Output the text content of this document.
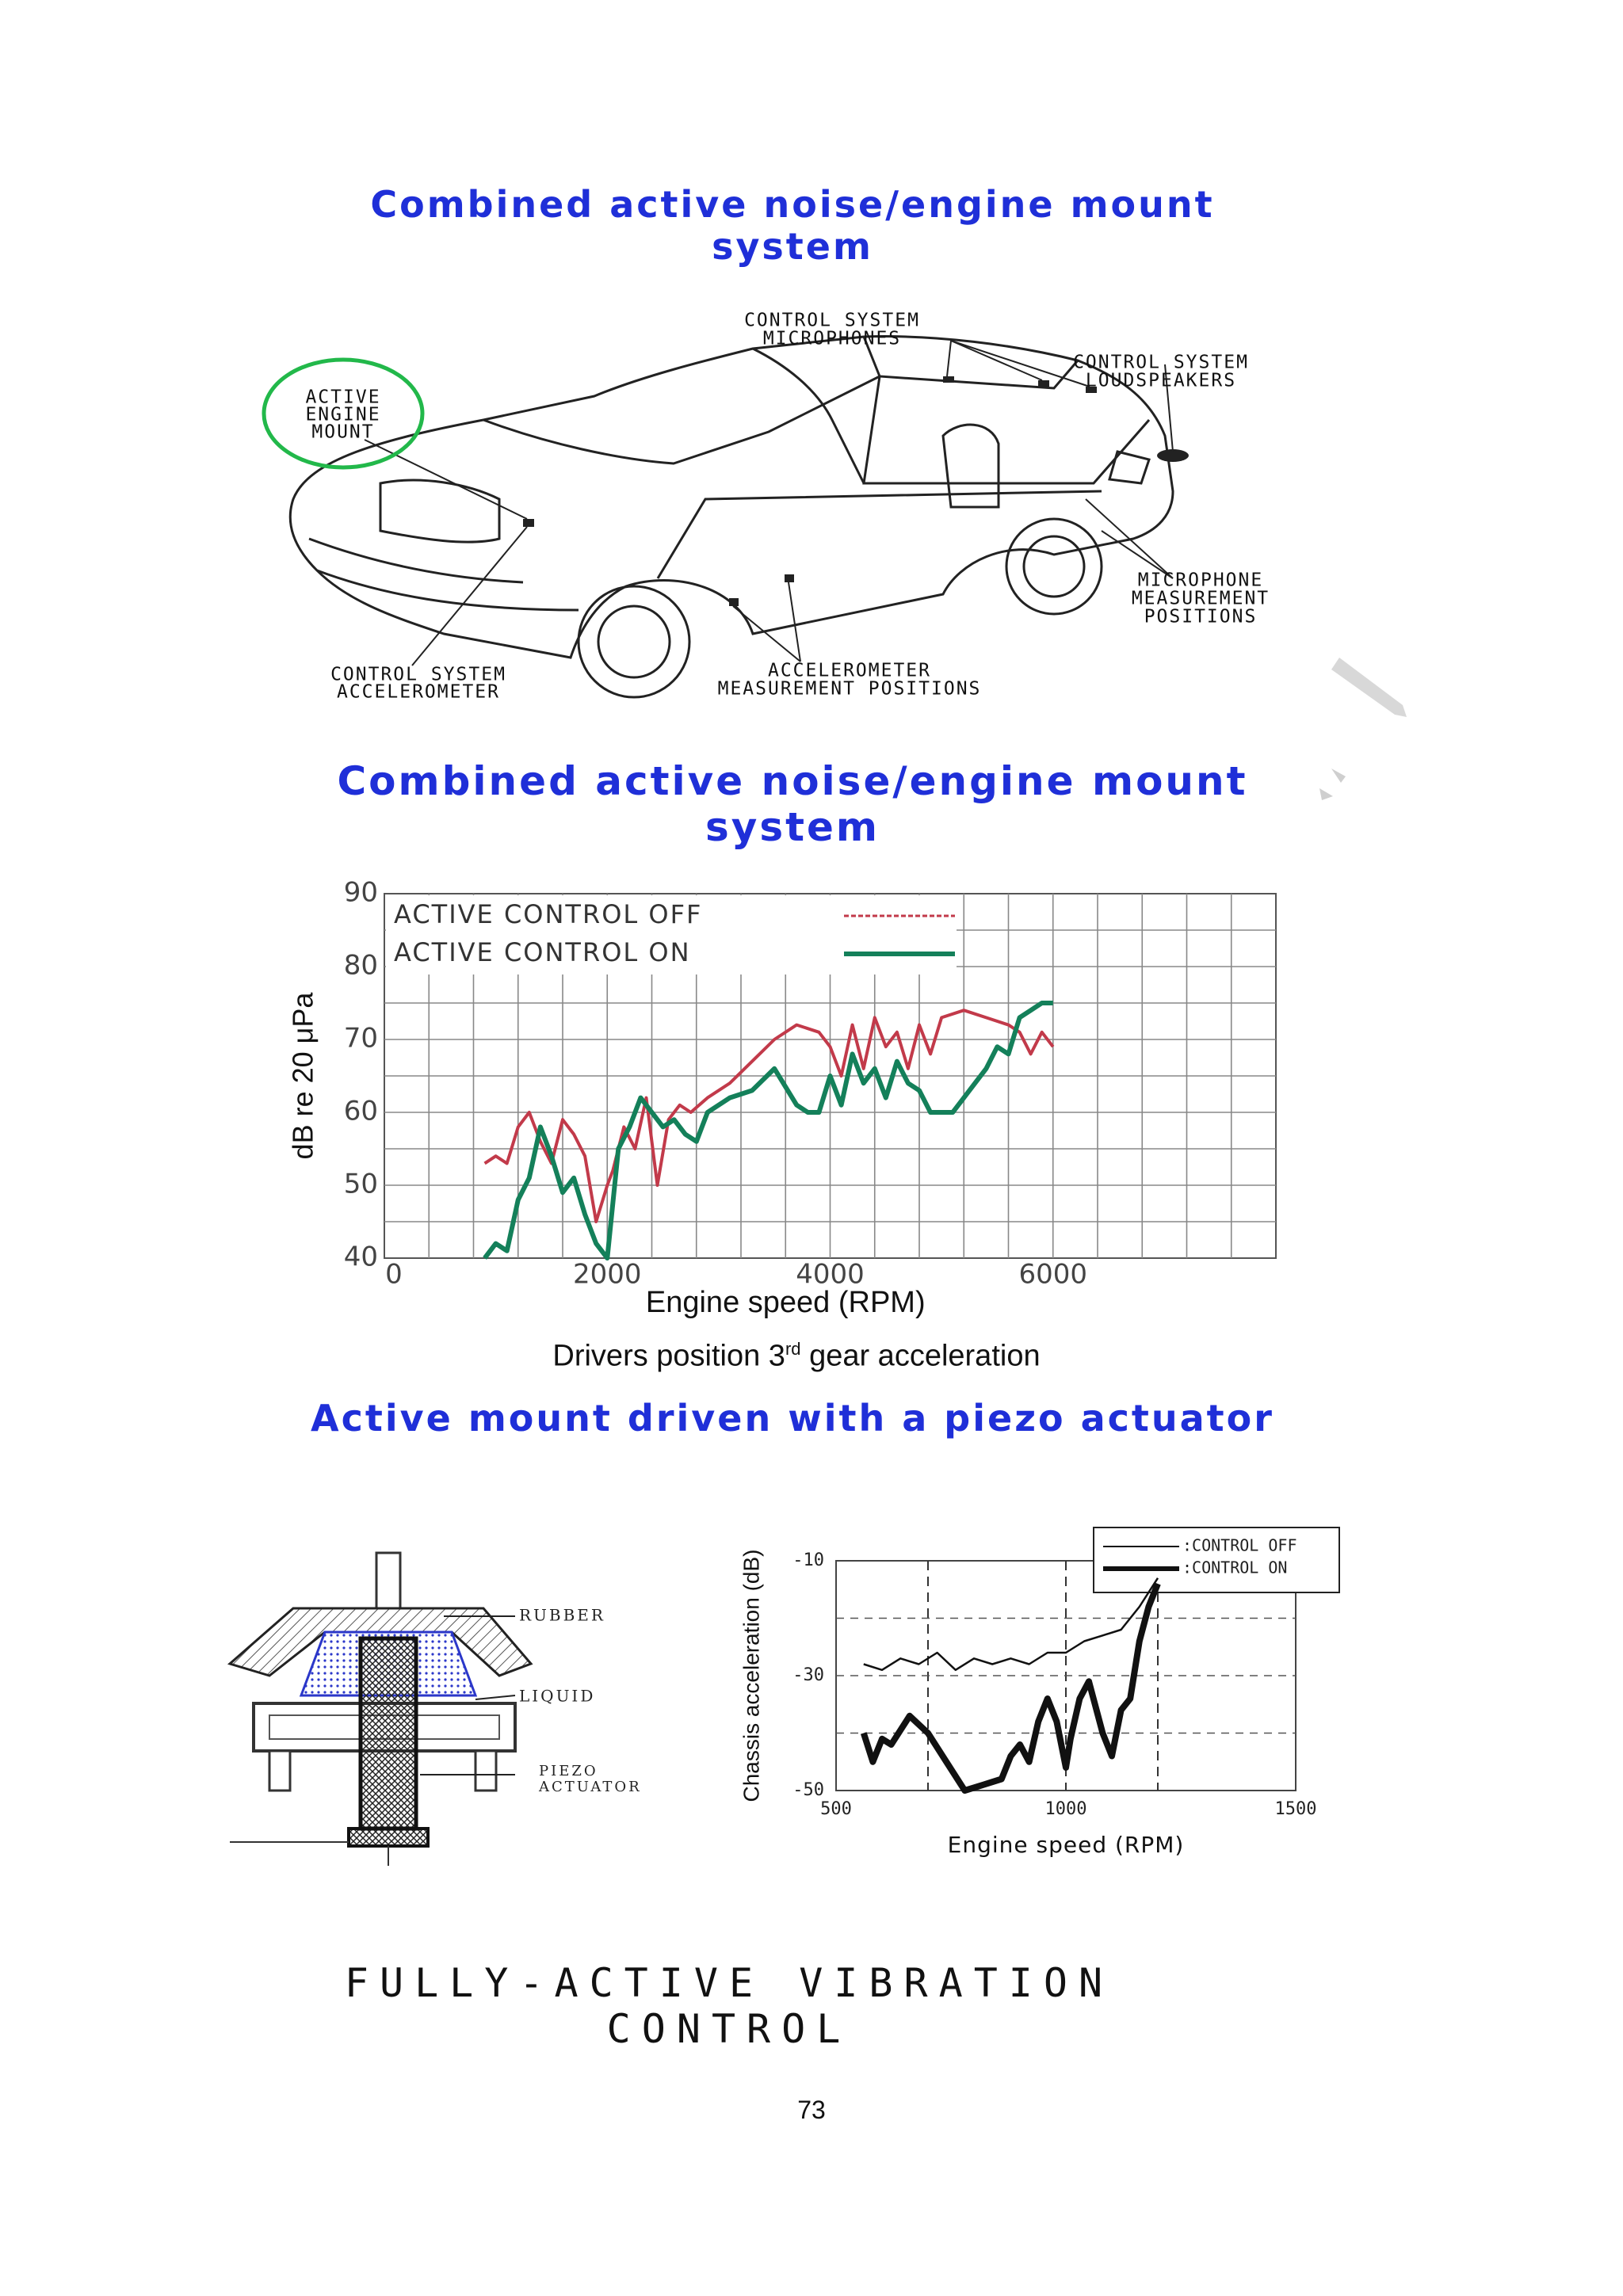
Combined active noise/engine mount
system
ACTIVE
ENGINE
MOUNT
CONTROL SYSTEM
MICROPHONES
CONTROL SYSTEM
LOUDSPEAKERS
MICROPHONE
MEASUREMENT
POSITIONS
CONTROL SYSTEM
ACCELEROMETER
ACCELEROMETER
MEASUREMENT POSITIONS
Combined active noise/engine mount
system
40
50
60
70
80
90
0	2000	4000	6000
Engine speed (RPM)
dB re 20 μPa
ACTIVE CONTROL OFF
ACTIVE CONTROL ON
Drivers position 3rd gear acceleration
Active mount driven with a piezo actuator
RUBBER
LIQUID
PIEZO
ACTUATOR
-10
-30
-50
500	1000	1500
Engine speed (RPM)
Chassis acceleration (dB)
:CONTROL OFF
:CONTROL ON
FULLY-ACTIVE VIBRATION
CONTROL
73
